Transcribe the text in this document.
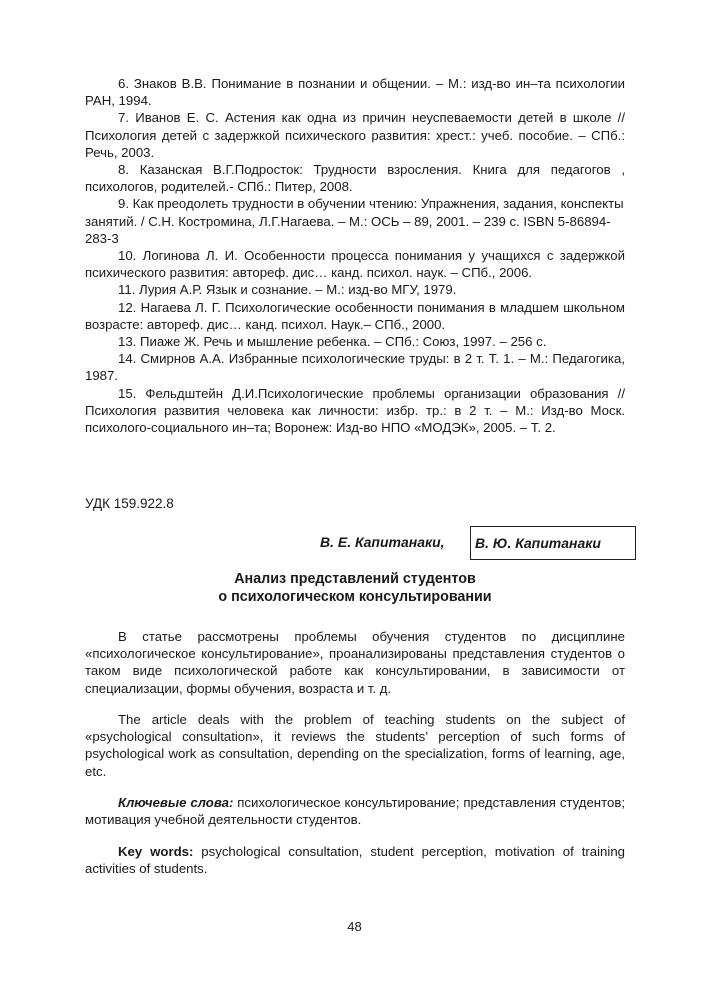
6. Знаков В.В. Понимание в познании и общении. – М.: изд-во ин–та психологии РАН, 1994.

7. Иванов Е. С. Астения как одна из причин неуспеваемости детей в школе // Психология детей с задержкой психического развития: хрест.: учеб. пособие. – СПб.: Речь, 2003.

8. Казанская В.Г.Подросток: Трудности взросления. Книга для педагогов , психологов, родителей.- СПб.: Питер, 2008.

9. Как преодолеть трудности в обучении чтению: Упражнения, задания, конспекты занятий. / С.Н. Костромина, Л.Г.Нагаева. – М.: ОСЬ – 89, 2001. – 239 с. ISBN 5-86894-283-3

10. Логинова Л. И. Особенности процесса понимания у учащихся с задержкой психического развития: автореф. дис… канд. психол. наук. – СПб., 2006.

11. Лурия А.Р. Язык и сознание. – М.: изд-во МГУ, 1979.

12. Нагаева Л. Г. Психологические особенности понимания в младшем школьном возрасте: автореф. дис… канд. психол. Наук.– СПб., 2000.

13. Пиаже Ж. Речь и мышление ребенка. – СПб.: Союз, 1997. – 256 с.

14. Смирнов А.А. Избранные психологические труды: в 2 т. Т. 1. – М.: Педагогика, 1987.

15. Фельдштейн Д.И.Психологические проблемы организации образования // Психология развития человека как личности: избр. тр.: в 2 т. – М.: Изд-во Моск. психолого-социального ин–та; Воронеж: Изд-во НПО «МОДЭК», 2005. – Т. 2.

УДК 159.922.8
В. Е. Капитанаки, В. Ю. Капитанаки
Анализ представлений студентов
о психологическом консультировании

В статье рассмотрены проблемы обучения студентов по дисциплине «психологическое консультирование», проанализированы представления студентов о таком виде психологической работе как консультировании, в зависимости от специализации, формы обучения, возраста и т. д.

The article deals with the problem of teaching students on the subject of «psychological consultation», it reviews the students’ perception of such forms of psychological work as consultation, depending on the specialization, forms of learning, age, etc.

Ключевые слова: психологическое консультирование; представления студентов; мотивация учебной деятельности студентов.

Key words: psychological consultation, student perception, motivation of training activities of students.

48
